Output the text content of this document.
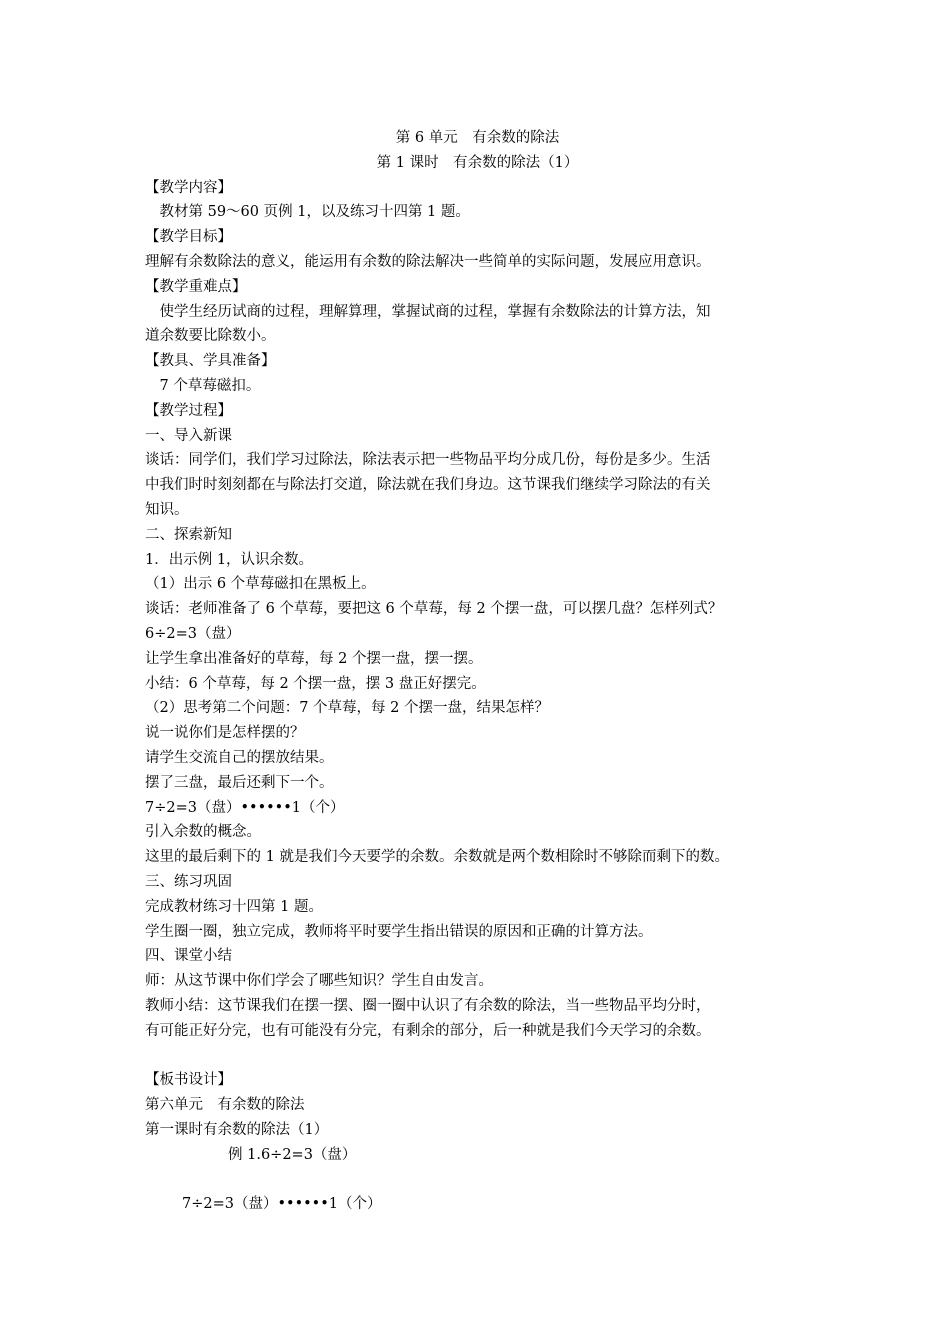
第 6 单元　有余数的除法
第 1 课时　有余数的除法（1）
【教学内容】
　教材第 59～60 页例 1，以及练习十四第 1 题。
【教学目标】
理解有余数除法的意义，能运用有余数的除法解决一些简单的实际问题，发展应用意识。
【教学重难点】
　使学生经历试商的过程，理解算理，掌握试商的过程，掌握有余数除法的计算方法，知
道余数要比除数小。
【教具、学具准备】
　7 个草莓磁扣。
【教学过程】
一、导入新课
谈话：同学们，我们学习过除法，除法表示把一些物品平均分成几份，每份是多少。生活
中我们时时刻刻都在与除法打交道，除法就在我们身边。这节课我们继续学习除法的有关
知识。
二、探索新知
1．出示例 1，认识余数。
（1）出示 6 个草莓磁扣在黑板上。
谈话：老师准备了 6 个草莓，要把这 6 个草莓，每 2 个摆一盘，可以摆几盘？怎样列式？
6÷2=3（盘）
让学生拿出准备好的草莓，每 2 个摆一盘，摆一摆。
小结：6 个草莓，每 2 个摆一盘，摆 3 盘正好摆完。
（2）思考第二个问题：7 个草莓，每 2 个摆一盘，结果怎样？
说一说你们是怎样摆的？
请学生交流自己的摆放结果。
摆了三盘，最后还剩下一个。
7÷2=3（盘）••••••1（个）
引入余数的概念。
这里的最后剩下的 1 就是我们今天要学的余数。余数就是两个数相除时不够除而剩下的数。
三、练习巩固
完成教材练习十四第 1 题。
学生圈一圈，独立完成，教师将平时要学生指出错误的原因和正确的计算方法。
四、课堂小结
师：从这节课中你们学会了哪些知识？学生自由发言。
教师小结：这节课我们在摆一摆、圈一圈中认识了有余数的除法，当一些物品平均分时，
有可能正好分完，也有可能没有分完，有剩余的部分，后一种就是我们今天学习的余数。
【板书设计】
第六单元　有余数的除法
第一课时有余数的除法（1）
例 1.6÷2=3（盘）
7÷2=3（盘）••••••1（个）
